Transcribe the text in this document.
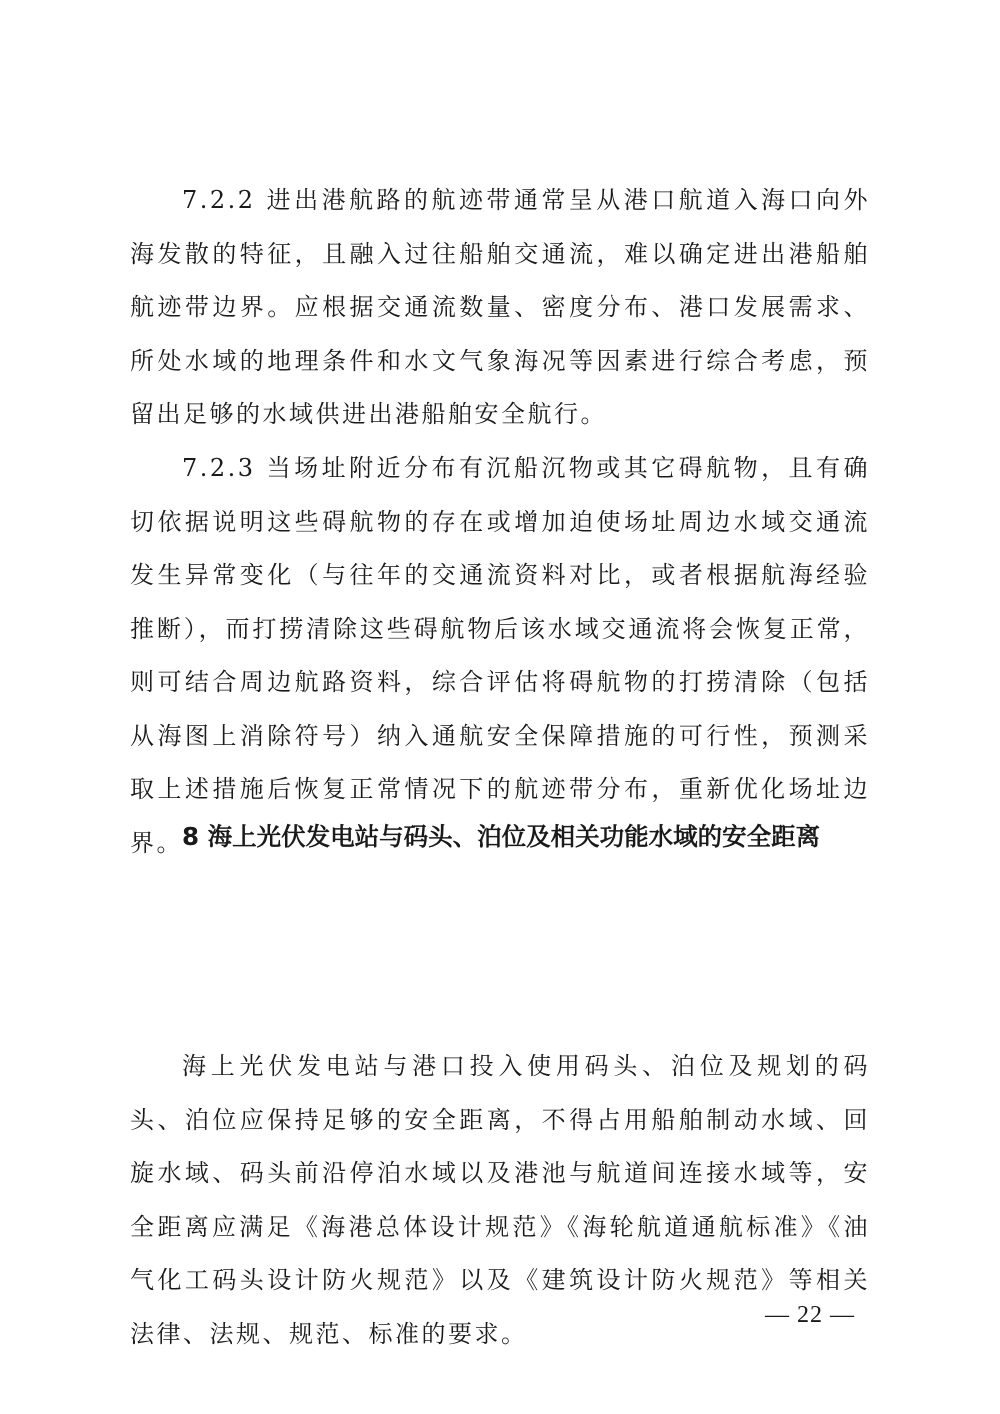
7.2.2 进出港航路的航迹带通常呈从港口航道入海口向外海发散的特征，且融入过往船舶交通流，难以确定进出港船舶航迹带边界。应根据交通流数量、密度分布、港口发展需求、所处水域的地理条件和水文气象海况等因素进行综合考虑，预留出足够的水域供进出港船舶安全航行。

7.2.3 当场址附近分布有沉船沉物或其它碍航物，且有确切依据说明这些碍航物的存在或增加迫使场址周边水域交通流发生异常变化（与往年的交通流资料对比，或者根据航海经验推断），而打捞清除这些碍航物后该水域交通流将会恢复正常，则可结合周边航路资料，综合评估将碍航物的打捞清除（包括从海图上消除符号）纳入通航安全保障措施的可行性，预测采取上述措施后恢复正常情况下的航迹带分布，重新优化场址边界。 8 海上光伏发电站与码头、泊位及相关功能水域的安全距离

海上光伏发电站与港口投入使用码头、泊位及规划的码头、泊位应保持足够的安全距离，不得占用船舶制动水域、回旋水域、码头前沿停泊水域以及港池与航道间连接水域等，安全距离应满足《海港总体设计规范》《海轮航道通航标准》《油气化工码头设计防火规范》以及《建筑设计防火规范》等相关法律、法规、规范、标准的要求。

— 22 —
